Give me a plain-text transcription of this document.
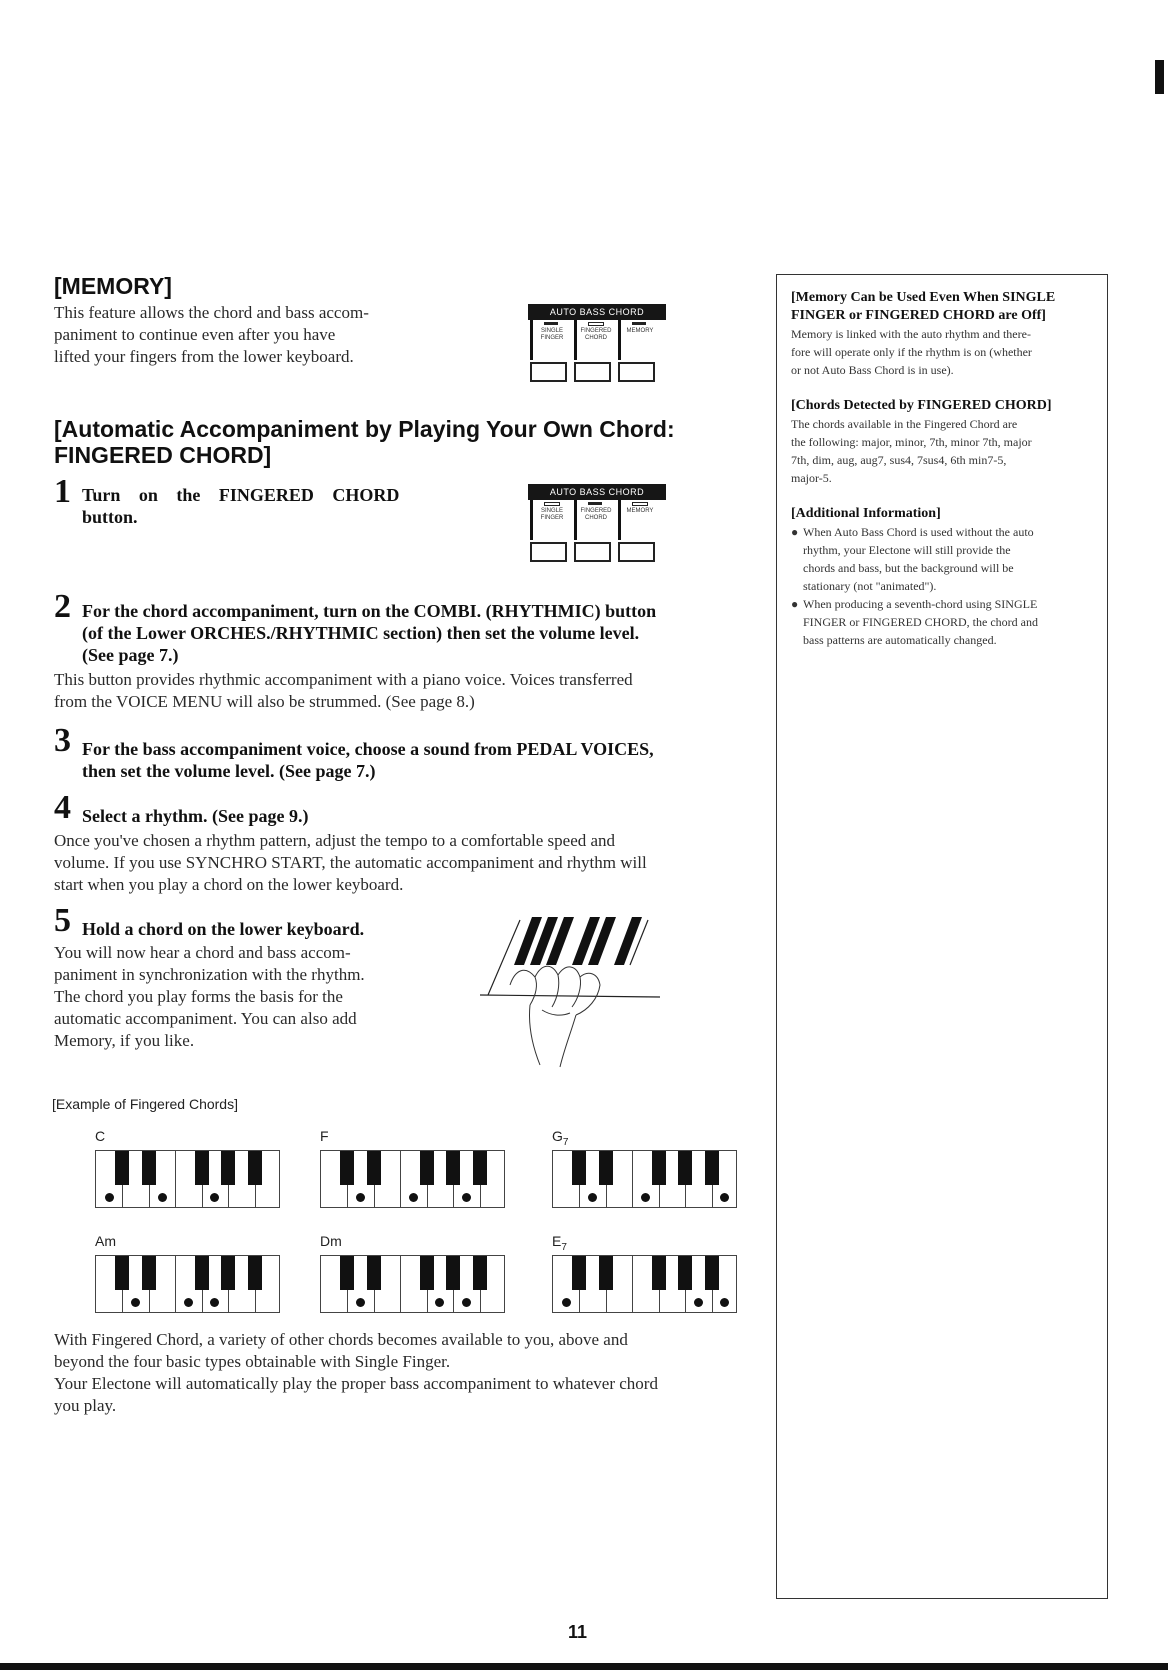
[MEMORY]
This feature allows the chord and bass accom-
paniment to continue even after you have
lifted your fingers from the lower keyboard.
AUTO BASS CHORD
SINGLE
FINGER
FINGERED
CHORD
MEMORY
[Automatic Accompaniment by Playing Your Own Chord:
FINGERED CHORD]
1 Turn on the FINGERED CHORD
button.
AUTO BASS CHORD
SINGLE
FINGER
FINGERED
CHORD
MEMORY
2 For the chord accompaniment, turn on the COMBI. (RHYTHMIC) button
(of the Lower ORCHES./RHYTHMIC section) then set the volume level.
(See page 7.)
This button provides rhythmic accompaniment with a piano voice. Voices transferred
from the VOICE MENU will also be strummed. (See page 8.)
3 For the bass accompaniment voice, choose a sound from PEDAL VOICES,
then set the volume level. (See page 7.)
4 Select a rhythm. (See page 9.)
Once you've chosen a rhythm pattern, adjust the tempo to a comfortable speed and
volume. If you use SYNCHRO START, the automatic accompaniment and rhythm will
start when you play a chord on the lower keyboard.
5 Hold a chord on the lower keyboard.
You will now hear a chord and bass accom-
paniment in synchronization with the rhythm.
The chord you play forms the basis for the
automatic accompaniment. You can also add
Memory, if you like.
[Example of Fingered Chords]
C	F	$G_7$
Am	Dm	$E_7$
With Fingered Chord, a variety of other chords becomes available to you, above and
beyond the four basic types obtainable with Single Finger.
Your Electone will automatically play the proper bass accompaniment to whatever chord
you play.
[Memory Can be Used Even When SINGLE
FINGER or FINGERED CHORD are Off]
Memory is linked with the auto rhythm and there-
fore will operate only if the rhythm is on (whether
or not Auto Bass Chord is in use).
[Chords Detected by FINGERED CHORD]
The chords available in the Fingered Chord are
the following: major, minor, 7th, minor 7th, major
7th, dim, aug, aug7, sus4, 7sus4, 6th min7-5,
major-5.
[Additional Information]
● When Auto Bass Chord is used without the auto
rhythm, your Electone will still provide the
chords and bass, but the background will be
stationary (not "animated").
● When producing a seventh-chord using SINGLE
FINGER or FINGERED CHORD, the chord and
bass patterns are automatically changed.
11
